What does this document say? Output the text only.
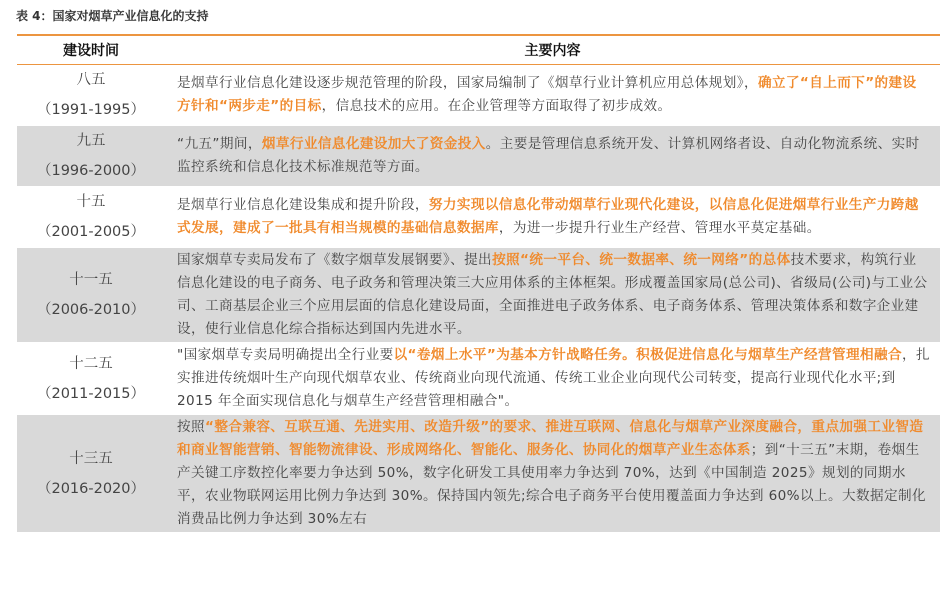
表 4：国家对烟草产业信息化的支持
建设时间	主要内容

八五
（1991-1995）	是烟草行业信息化建设逐步规范管理的阶段，国家局编制了《烟草行业计算机应用总体规划》，确立了“自上而下”的建设方针和“两步走”的目标，信息技术的应用。在企业管理等方面取得了初步成效。

九五
（1996-2000）	“九五”期间，烟草行业信息化建设加大了资金投入。主要是管理信息系统开发、计算机网络者设、自动化物流系统、实时监控系统和信息化技术标准规范等方面。

十五
（2001-2005）	是烟草行业信息化建设集成和提升阶段，努力实现以信息化带动烟草行业现代化建设，以信息化促进烟草行业生产力跨越式发展，建成了一批具有相当规模的基础信息数据库，为进一步提升行业生产经营、管理水平莫定基础。

十一五
（2006-2010）	国家烟草专卖局发布了《数字烟草发展钢要》、提出按照“统一平台、统一数据率、统一网络”的总体技术要求，构筑行业信息化建设的电子商务、电子政务和管理决策三大应用体系的主体框架。形成覆盖国家局(总公司)、省级局(公司)与工业公司、工商基层企业三个应用层面的信息化建设局面，全面推进电子政务体系、电子商务体系、管理决策体系和数字企业建设，使行业信息化综合指标达到国内先进水平。

十二五
（2011-2015）	"国家烟草专卖局明确提出全行业要以“卷烟上水平”为基本方针战略任务。积极促进信息化与烟草生产经营管理相融合，扎实推进传统烟叶生产向现代烟草农业、传统商业向现代流通、传统工业企业向现代公司转变，提高行业现代化水平;到 2015 年全面实现信息化与烟草生产经营管理相融合"。

十三五
（2016-2020）	按照“整合兼容、互联互通、先进实用、改造升级”的要求、推进互联网、信息化与烟草产业深度融合，重点加强工业智造和商业智能营销、智能物流律设、形成网络化、智能化、服务化、协同化的烟草产业生态体系；到“十三五”末期，卷烟生产关键工序数控化率要力争达到 50%，数字化研发工具使用率力争达到 70%，达到《中国制造 2025》规划的同期水平，农业物联网运用比例力争达到 30%。保持国内领先;综合电子商务平台使用覆盖面力争达到 60%以上。大数据定制化消费品比例力争达到 30%左右
